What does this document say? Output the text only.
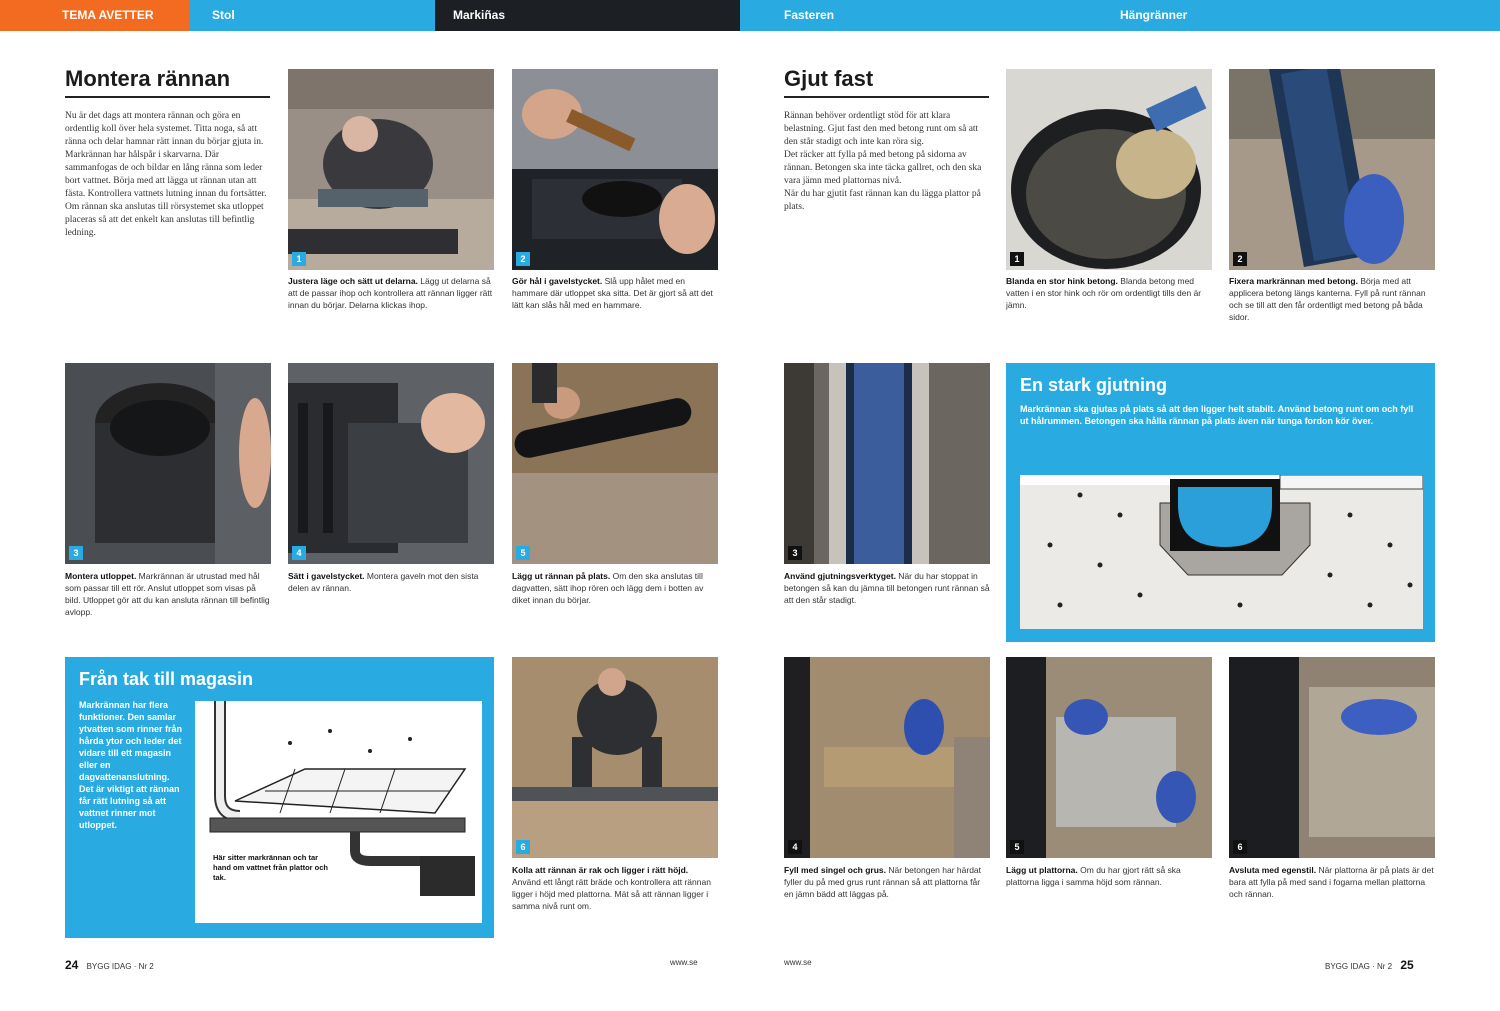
TEMA AVETTER	Stol	Markiñas	Fasteren	Hängränner
Montera rännan

Nu är det dags att montera rännan och göra en ordentlig koll över hela systemet. Titta noga, så att ränna och delar hamnar rätt innan du börjar gjuta in.
Markrännan har hålspår i skarvarna. Där sammanfogas de och bildar en lång ränna som leder bort vattnet. Börja med att lägga ut rännan utan att fästa. Kontrollera vattnets lutning innan du fortsätter.
Om rännan ska anslutas till rörsystemet ska utloppet placeras så att det enkelt kan anslutas till befintlig ledning.

1

Justera läge och sätt ut delarna. Lägg ut delarna så att de passar ihop och kontrollera att rännan ligger rätt innan du börjar. Delarna klickas ihop.

2

Gör hål i gavelstycket. Slå upp hålet med en hammare där utloppet ska sitta. Det är gjort så att det lätt kan slås hål med en hammare.

3

Montera utloppet. Markrännan är utrustad med hål som passar till ett rör. Anslut utloppet som visas på bild. Utloppet gör att du kan ansluta rännan till befintlig avlopp.

4

Sätt i gavelstycket. Montera gaveln mot den sista delen av rännan.

5

Lägg ut rännan på plats. Om den ska anslutas till dagvatten, sätt ihop rören och lägg dem i botten av diket innan du börjar.

Från tak till magasin

Markrännan har flera funktioner. Den samlar ytvatten som rinner från hårda ytor och leder det vidare till ett magasin eller en dagvattenanslutning.
Det är viktigt att rännan får rätt lutning så att vattnet rinner mot utloppet.

Här sitter markrännan och tar hand om vattnet från plattor och tak.

6

Kolla att rännan är rak och ligger i rätt höjd. Använd ett långt rätt bräde och kontrollera att rännan ligger i höjd med plattorna. Mät så att rännan ligger i samma nivå runt om.

24 BYGG IDAG · Nr 2	www.se
Gjut fast

Rännan behöver ordentligt stöd för att klara belastning. Gjut fast den med betong runt om så att den står stadigt och inte kan röra sig.
Det räcker att fylla på med betong på sidorna av rännan. Betongen ska inte täcka gallret, och den ska vara jämn med plattornas nivå.
När du har gjutit fast rännan kan du lägga plattor på plats.

1

Blanda en stor hink betong. Blanda betong med vatten i en stor hink och rör om ordentligt tills den är jämn.

2

Fixera markrännan med betong. Börja med att applicera betong längs kanterna. Fyll på runt rännan och se till att den får ordentligt med betong på båda sidor.

3

Använd gjutningsverktyget. När du har stoppat in betongen så kan du jämna till betongen runt rännan så att den står stadigt.

En stark gjutning

Markrännan ska gjutas på plats så att den ligger helt stabilt. Använd betong runt om och fyll ut hålrummen. Betongen ska hålla rännan på plats även när tunga fordon kör över.

4

Fyll med singel och grus. När betongen har härdat fyller du på med grus runt rännan så att plattorna får en jämn bädd att läggas på.

5

Lägg ut plattorna. Om du har gjort rätt så ska plattorna ligga i samma höjd som rännan.

6

Avsluta med egenstil. När plattorna är på plats är det bara att fylla på med sand i fogarna mellan plattorna och rännan.

www.se	BYGG IDAG · Nr 2 25
